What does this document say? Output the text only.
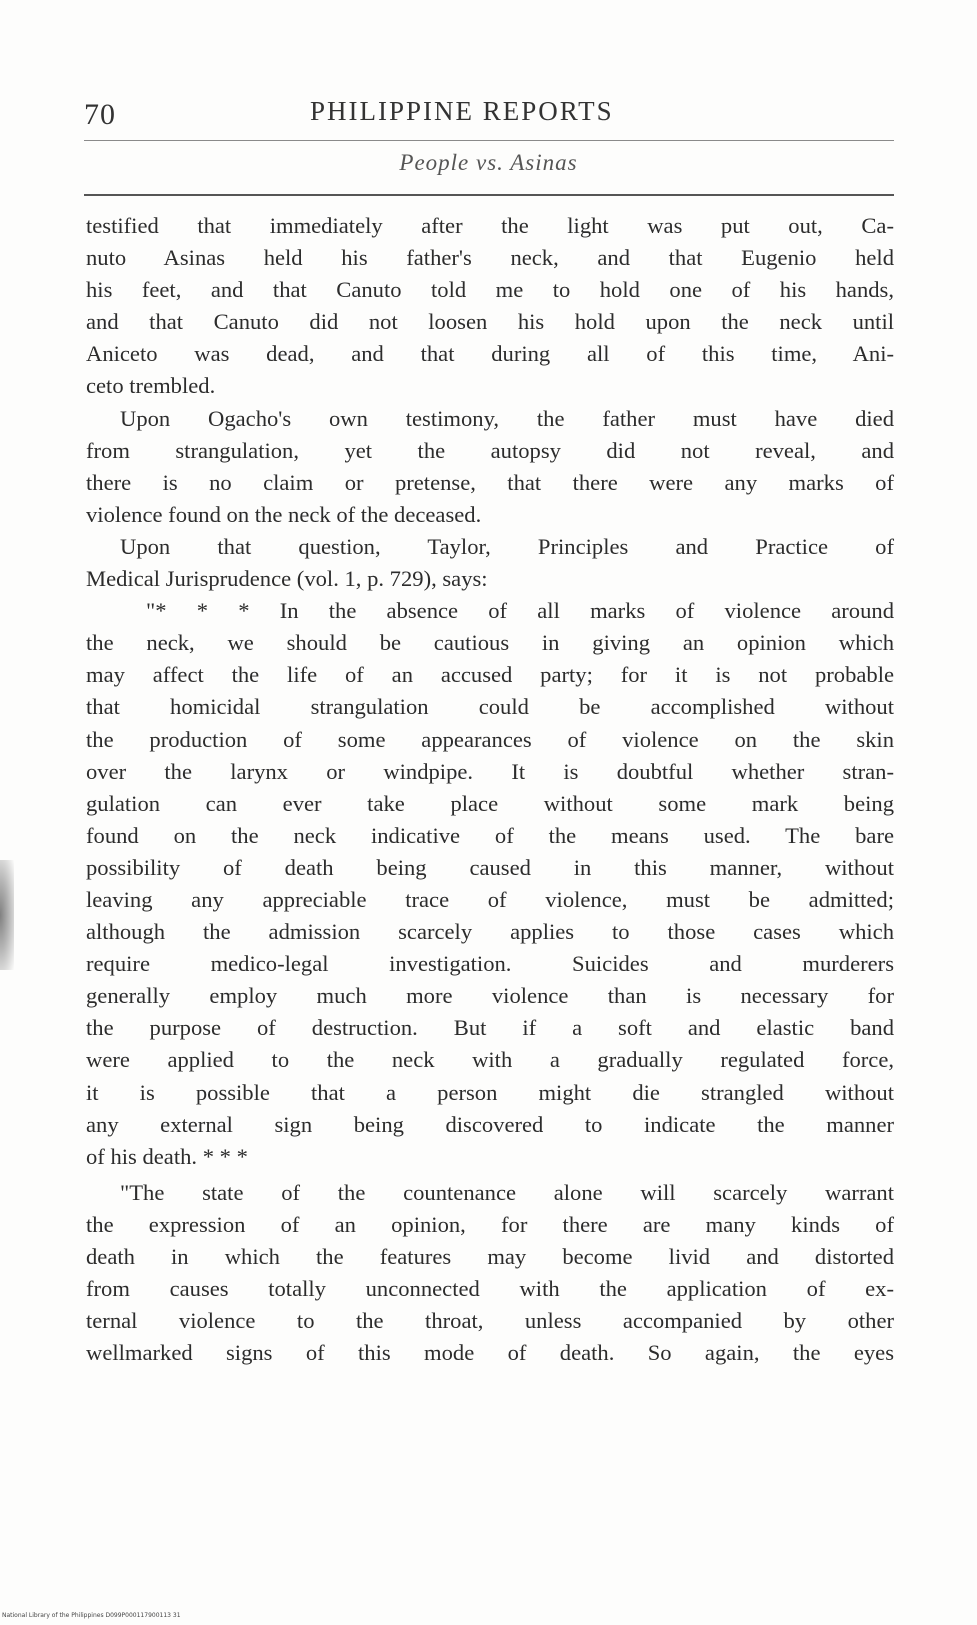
70	PHILIPPINE REPORTS
People vs. Asinas
testified that immediately after the light was put out, Ca-
nuto Asinas held his father's neck, and that Eugenio held
his feet, and that Canuto told me to hold one of his hands,
and that Canuto did not loosen his hold upon the neck until
Aniceto was dead, and that during all of this time, Ani-
ceto trembled.
Upon Ogacho's own testimony, the father must have died
from strangulation, yet the autopsy did not reveal, and
there is no claim or pretense, that there were any marks of
violence found on the neck of the deceased.
Upon that question, Taylor, Principles and Practice of
Medical Jurisprudence (vol. 1, p. 729), says:
"* * * In the absence of all marks of violence around
the neck, we should be cautious in giving an opinion which
may affect the life of an accused party; for it is not probable
that homicidal strangulation could be accomplished without
the production of some appearances of violence on the skin
over the larynx or windpipe. It is doubtful whether stran-
gulation can ever take place without some mark being
found on the neck indicative of the means used. The bare
possibility of death being caused in this manner, without
leaving any appreciable trace of violence, must be admitted;
although the admission scarcely applies to those cases which
require medico-legal investigation. Suicides and murderers
generally employ much more violence than is necessary for
the purpose of destruction. But if a soft and elastic band
were applied to the neck with a gradually regulated force,
it is possible that a person might die strangled without
any external sign being discovered to indicate the manner
of his death. * * *
"The state of the countenance alone will scarcely warrant
the expression of an opinion, for there are many kinds of
death in which the features may become livid and distorted
from causes totally unconnected with the application of ex-
ternal violence to the throat, unless accompanied by other
wellmarked signs of this mode of death. So again, the eyes
National Library of the Philippines D099P000117900113 31
